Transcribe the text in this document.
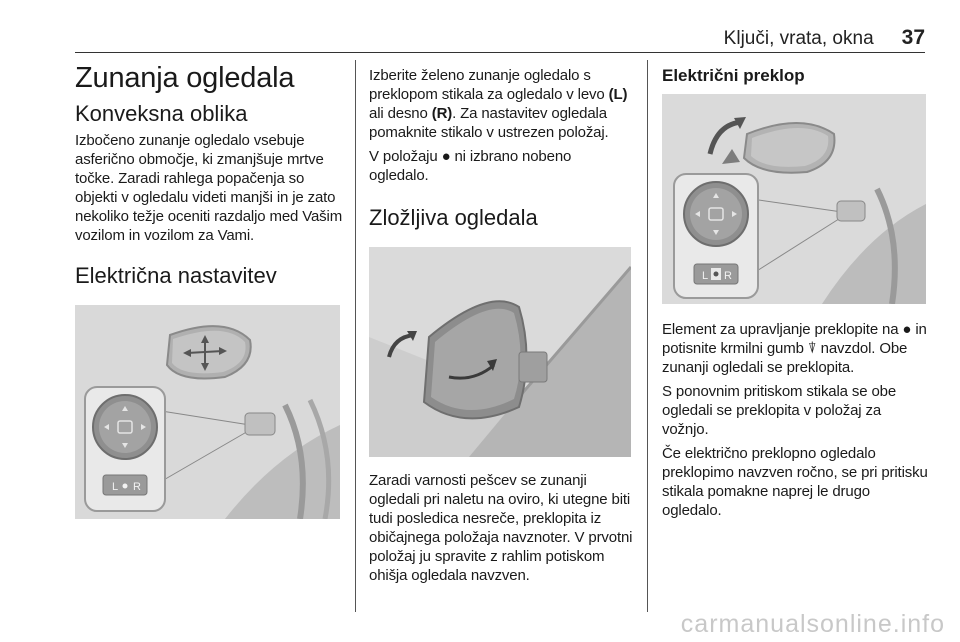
Ključi, vrata, okna 37
Zunanja ogledala
Konveksna oblika

Izbočeno zunanje ogledalo vsebuje asferično območje, ki zmanjšuje mrtve točke. Zaradi rahlega popačenja so objekti v ogledalu videti manjši in je zato nekoliko težje oceniti razdaljo med Vašim vozilom in vozilom za Vami.

Električna nastavitev
L R

Izberite želeno zunanje ogledalo s preklopom stikala za ogledalo v levo (L) ali desno (R). Za nastavitev ogledala pomaknite stikalo v ustrezen položaj.

V položaju ● ni izbrano nobeno ogledalo.

Zložljiva ogledala

Zaradi varnosti pešcev se zunanji ogledali pri naletu na oviro, ki utegne biti tudi posledica nesreče, preklopita iz običajnega položaja navznoter. V prvotni položaj ju spravite z rahlim potiskom ohišja ogledala navzven.

Električni preklop
L R

Element za upravljanje preklopite na ● in potisnite krmilni gumb ⍒ navzdol. Obe zunanji ogledali se preklopita.

S ponovnim pritiskom stikala se obe ogledali se preklopita v položaj za vožnjo.

Če električno preklopno ogledalo preklopimo navzven ročno, se pri pritisku stikala pomakne naprej le drugo ogledalo.

carmanualsonline.info
